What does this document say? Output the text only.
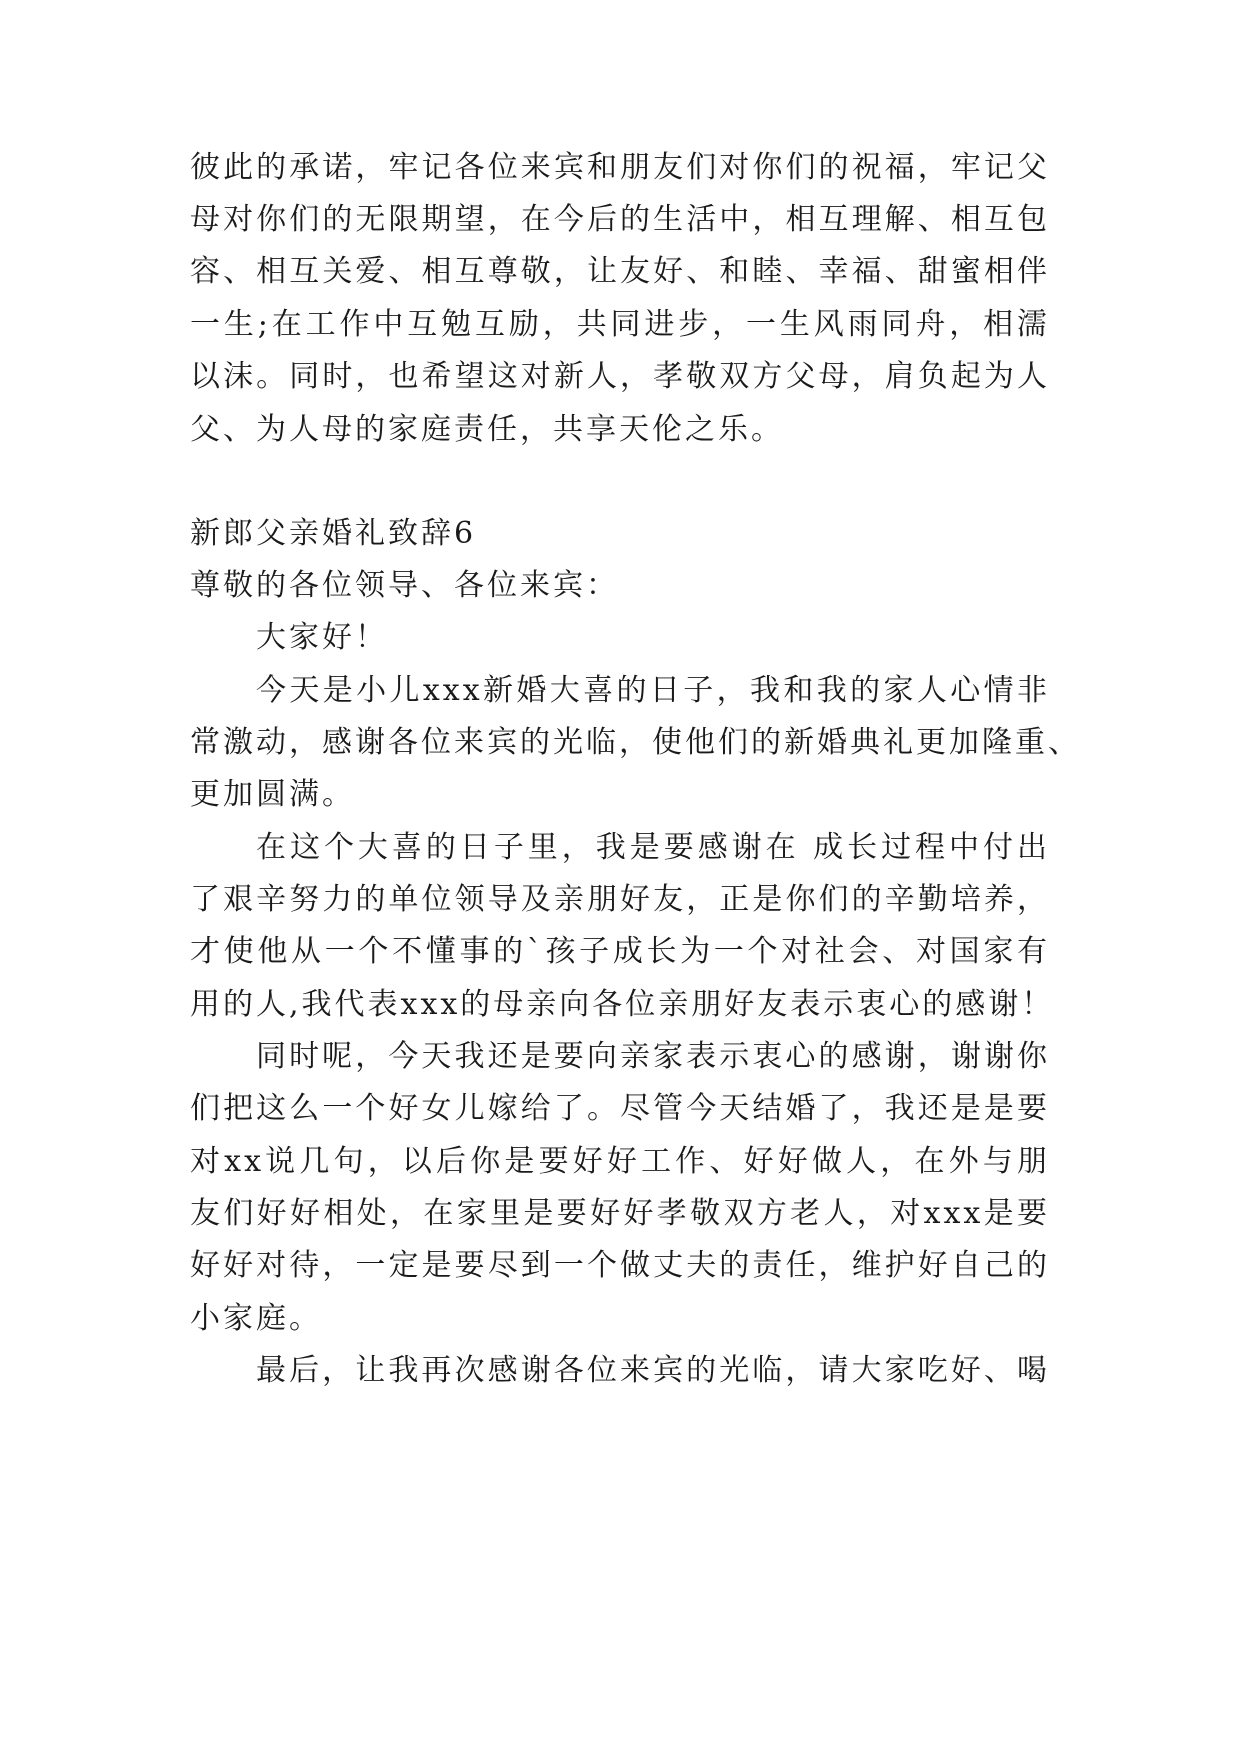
彼此的承诺，牢记各位来宾和朋友们对你们的祝福，牢记父
母对你们的无限期望，在今后的生活中，相互理解、相互包
容、相互关爱、相互尊敬，让友好、和睦、幸福、甜蜜相伴
一生;在工作中互勉互励，共同进步，一生风雨同舟，相濡
以沫。同时，也希望这对新人，孝敬双方父母，肩负起为人
父、为人母的家庭责任，共享天伦之乐。
新郎父亲婚礼致辞6
尊敬的各位领导、各位来宾：
大家好！
今天是小儿xxx新婚大喜的日子，我和我的家人心情非
常激动，感谢各位来宾的光临，使他们的新婚典礼更加隆重、
更加圆满。
在这个大喜的日子里，我是要感谢在 成长过程中付出
了艰辛努力的单位领导及亲朋好友，正是你们的辛勤培养，
才使他从一个不懂事的`孩子成长为一个对社会、对国家有
用的人,我代表xxx的母亲向各位亲朋好友表示衷心的感谢！
同时呢，今天我还是要向亲家表示衷心的感谢，谢谢你
们把这么一个好女儿嫁给了。尽管今天结婚了，我还是是要
对xx说几句，以后你是要好好工作、好好做人，在外与朋
友们好好相处，在家里是要好好孝敬双方老人，对xxx是要
好好对待，一定是要尽到一个做丈夫的责任，维护好自己的
小家庭。
最后，让我再次感谢各位来宾的光临，请大家吃好、喝
